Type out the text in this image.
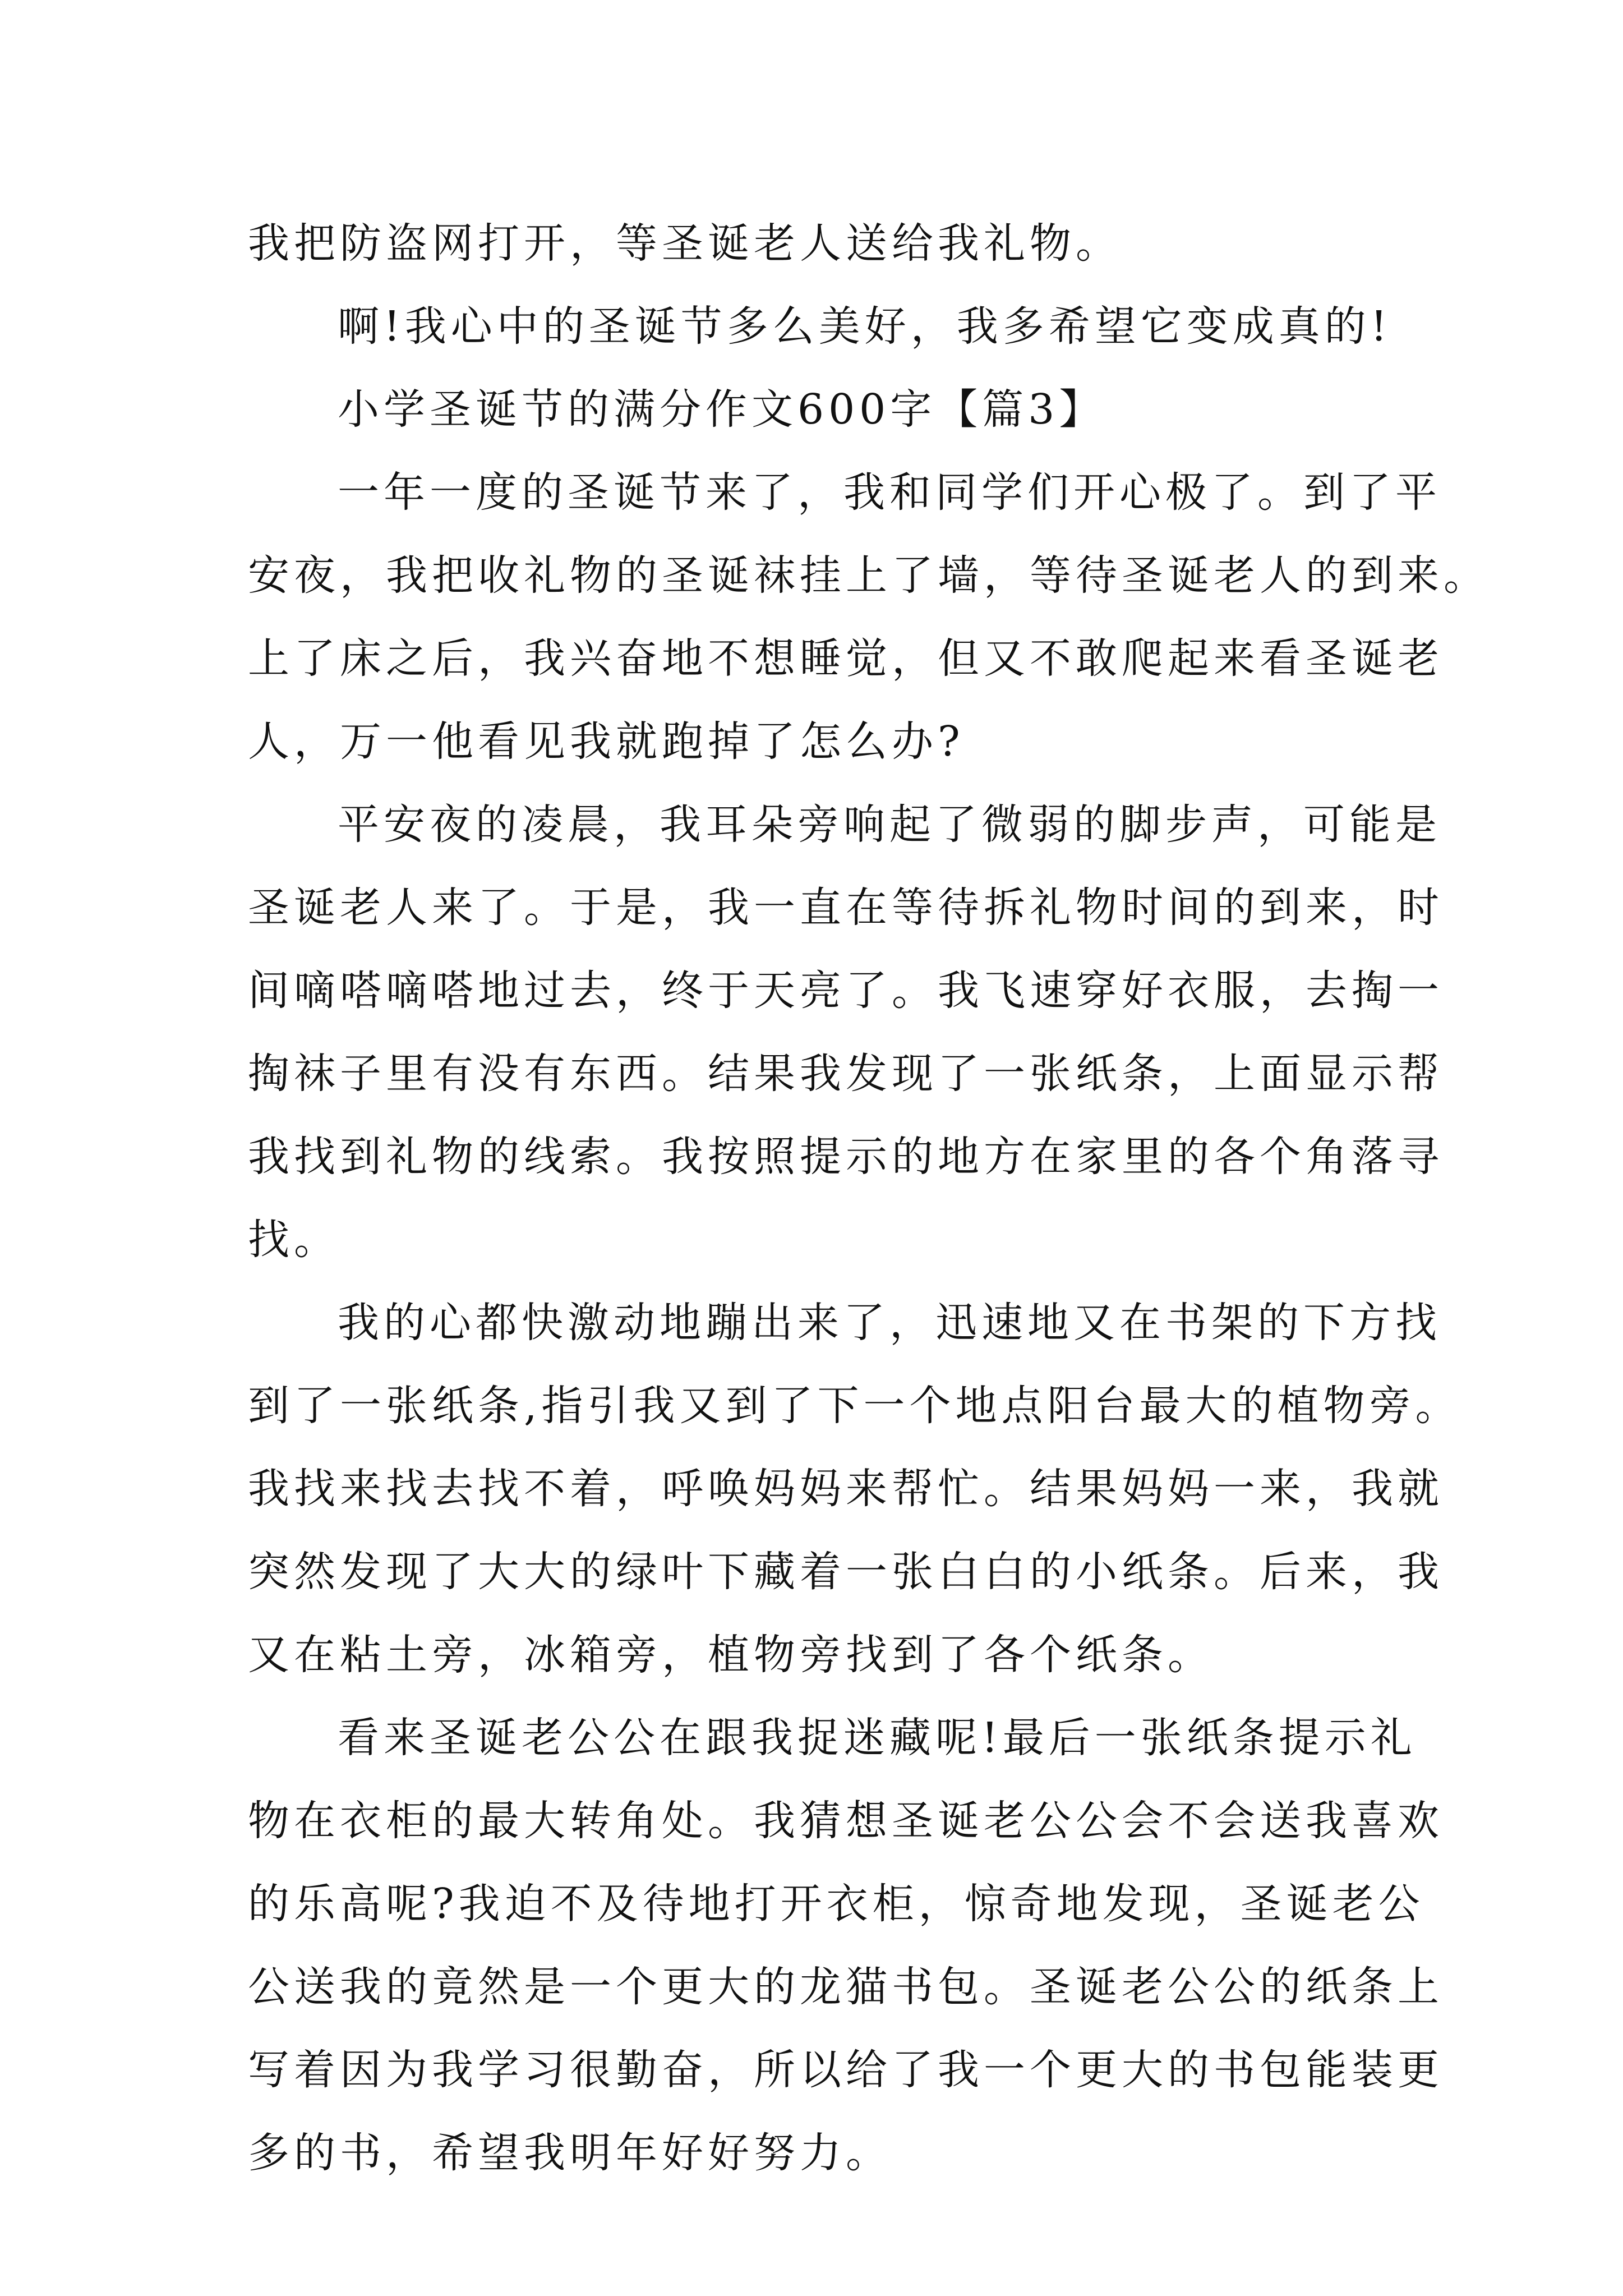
我把防盗网打开，等圣诞老人送给我礼物。
啊!我心中的圣诞节多么美好，我多希望它变成真的!
小学圣诞节的满分作文600字【篇3】
一年一度的圣诞节来了，我和同学们开心极了。到了平
安夜，我把收礼物的圣诞袜挂上了墙，等待圣诞老人的到来。
上了床之后，我兴奋地不想睡觉，但又不敢爬起来看圣诞老
人，万一他看见我就跑掉了怎么办?
平安夜的凌晨，我耳朵旁响起了微弱的脚步声，可能是
圣诞老人来了。于是，我一直在等待拆礼物时间的到来，时
间嘀嗒嘀嗒地过去，终于天亮了。我飞速穿好衣服，去掏一
掏袜子里有没有东西。结果我发现了一张纸条，上面显示帮
我找到礼物的线索。我按照提示的地方在家里的各个角落寻
找。
我的心都快激动地蹦出来了，迅速地又在书架的下方找
到了一张纸条,指引我又到了下一个地点阳台最大的植物旁。
我找来找去找不着，呼唤妈妈来帮忙。结果妈妈一来，我就
突然发现了大大的绿叶下藏着一张白白的小纸条。后来，我
又在粘土旁，冰箱旁，植物旁找到了各个纸条。
看来圣诞老公公在跟我捉迷藏呢!最后一张纸条提示礼
物在衣柜的最大转角处。我猜想圣诞老公公会不会送我喜欢
的乐高呢?我迫不及待地打开衣柜，惊奇地发现，圣诞老公
公送我的竟然是一个更大的龙猫书包。圣诞老公公的纸条上
写着因为我学习很勤奋，所以给了我一个更大的书包能装更
多的书，希望我明年好好努力。
